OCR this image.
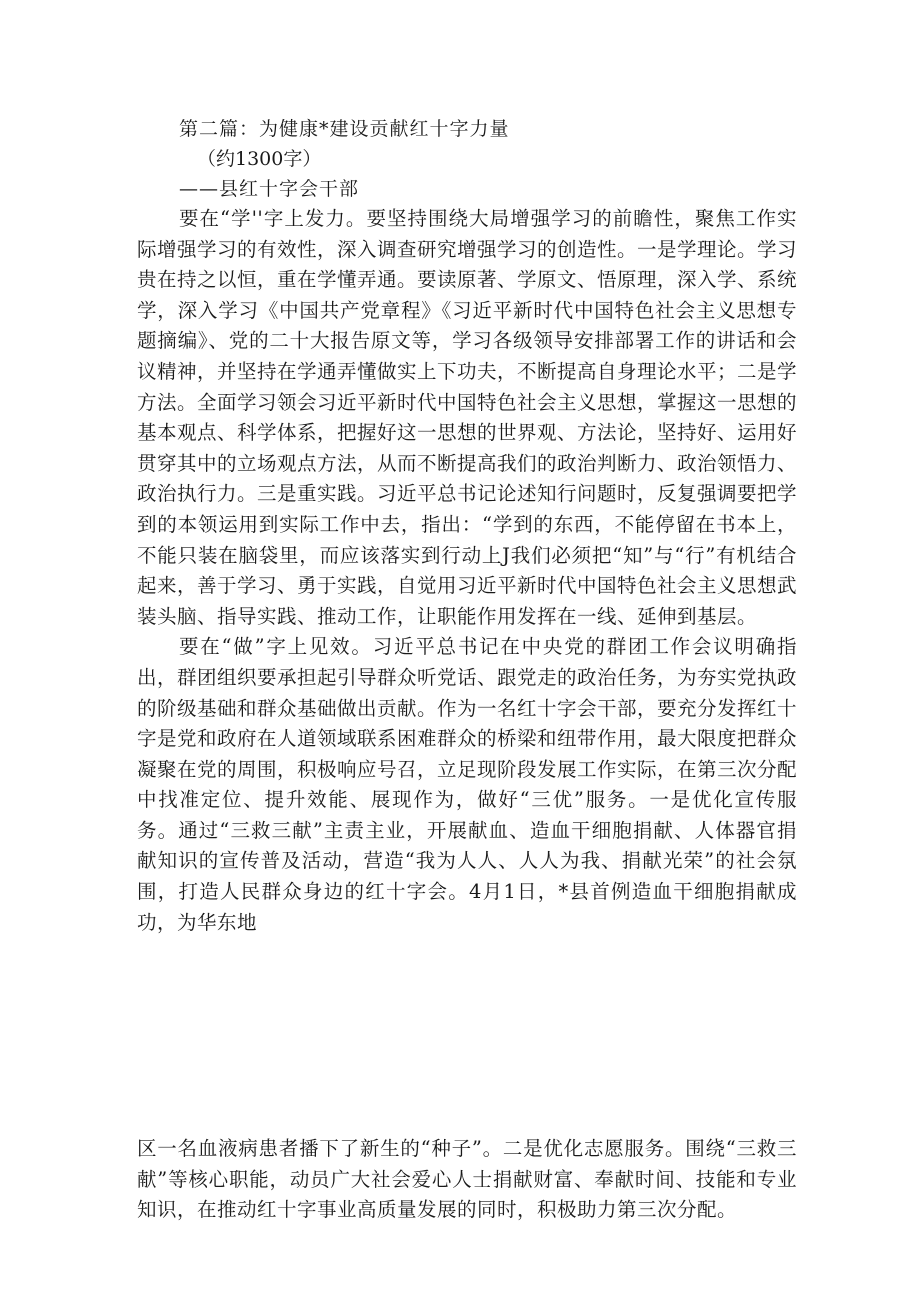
第二篇：为健康*建设贡献红十字力量
（约1300字）
——县红十字会干部

要在“学''字上发力。要坚持围绕大局增强学习的前瞻性，聚焦工作实际增强学习的有效性，深入调查研究增强学习的创造性。一是学理论。学习贵在持之以恒，重在学懂弄通。要读原著、学原文、悟原理，深入学、系统学，深入学习《中国共产党章程》《习近平新时代中国特色社会主义思想专题摘编》、党的二十大报告原文等，学习各级领导安排部署工作的讲话和会议精神，并坚持在学通弄懂做实上下功夫，不断提高自身理论水平；二是学方法。全面学习领会习近平新时代中国特色社会主义思想，掌握这一思想的基本观点、科学体系，把握好这一思想的世界观、方法论，坚持好、运用好贯穿其中的立场观点方法，从而不断提高我们的政治判断力、政治领悟力、政治执行力。三是重实践。习近平总书记论述知行问题时，反复强调要把学到的本领运用到实际工作中去，指出：“学到的东西，不能停留在书本上，不能只装在脑袋里，而应该落实到行动上J我们必须把“知”与“行”有机结合起来，善于学习、勇于实践，自觉用习近平新时代中国特色社会主义思想武装头脑、指导实践、推动工作，让职能作用发挥在一线、延伸到基层。

要在“做”字上见效。习近平总书记在中央党的群团工作会议明确指出，群团组织要承担起引导群众听党话、跟党走的政治任务，为夯实党执政的阶级基础和群众基础做出贡献。作为一名红十字会干部，要充分发挥红十字是党和政府在人道领域联系困难群众的桥梁和纽带作用，最大限度把群众凝聚在党的周围，积极响应号召，立足现阶段发展工作实际，在第三次分配中找准定位、提升效能、展现作为，做好“三优”服务。一是优化宣传服务。通过“三救三献”主责主业，开展献血、造血干细胞捐献、人体器官捐献知识的宣传普及活动，营造“我为人人、人人为我、捐献光荣”的社会氛围，打造人民群众身边的红十字会。4月1日，*县首例造血干细胞捐献成功，为华东地

区一名血液病患者播下了新生的“种子”。二是优化志愿服务。围绕“三救三献”等核心职能，动员广大社会爱心人士捐献财富、奉献时间、技能和专业知识，在推动红十字事业高质量发展的同时，积极助力第三次分配。
